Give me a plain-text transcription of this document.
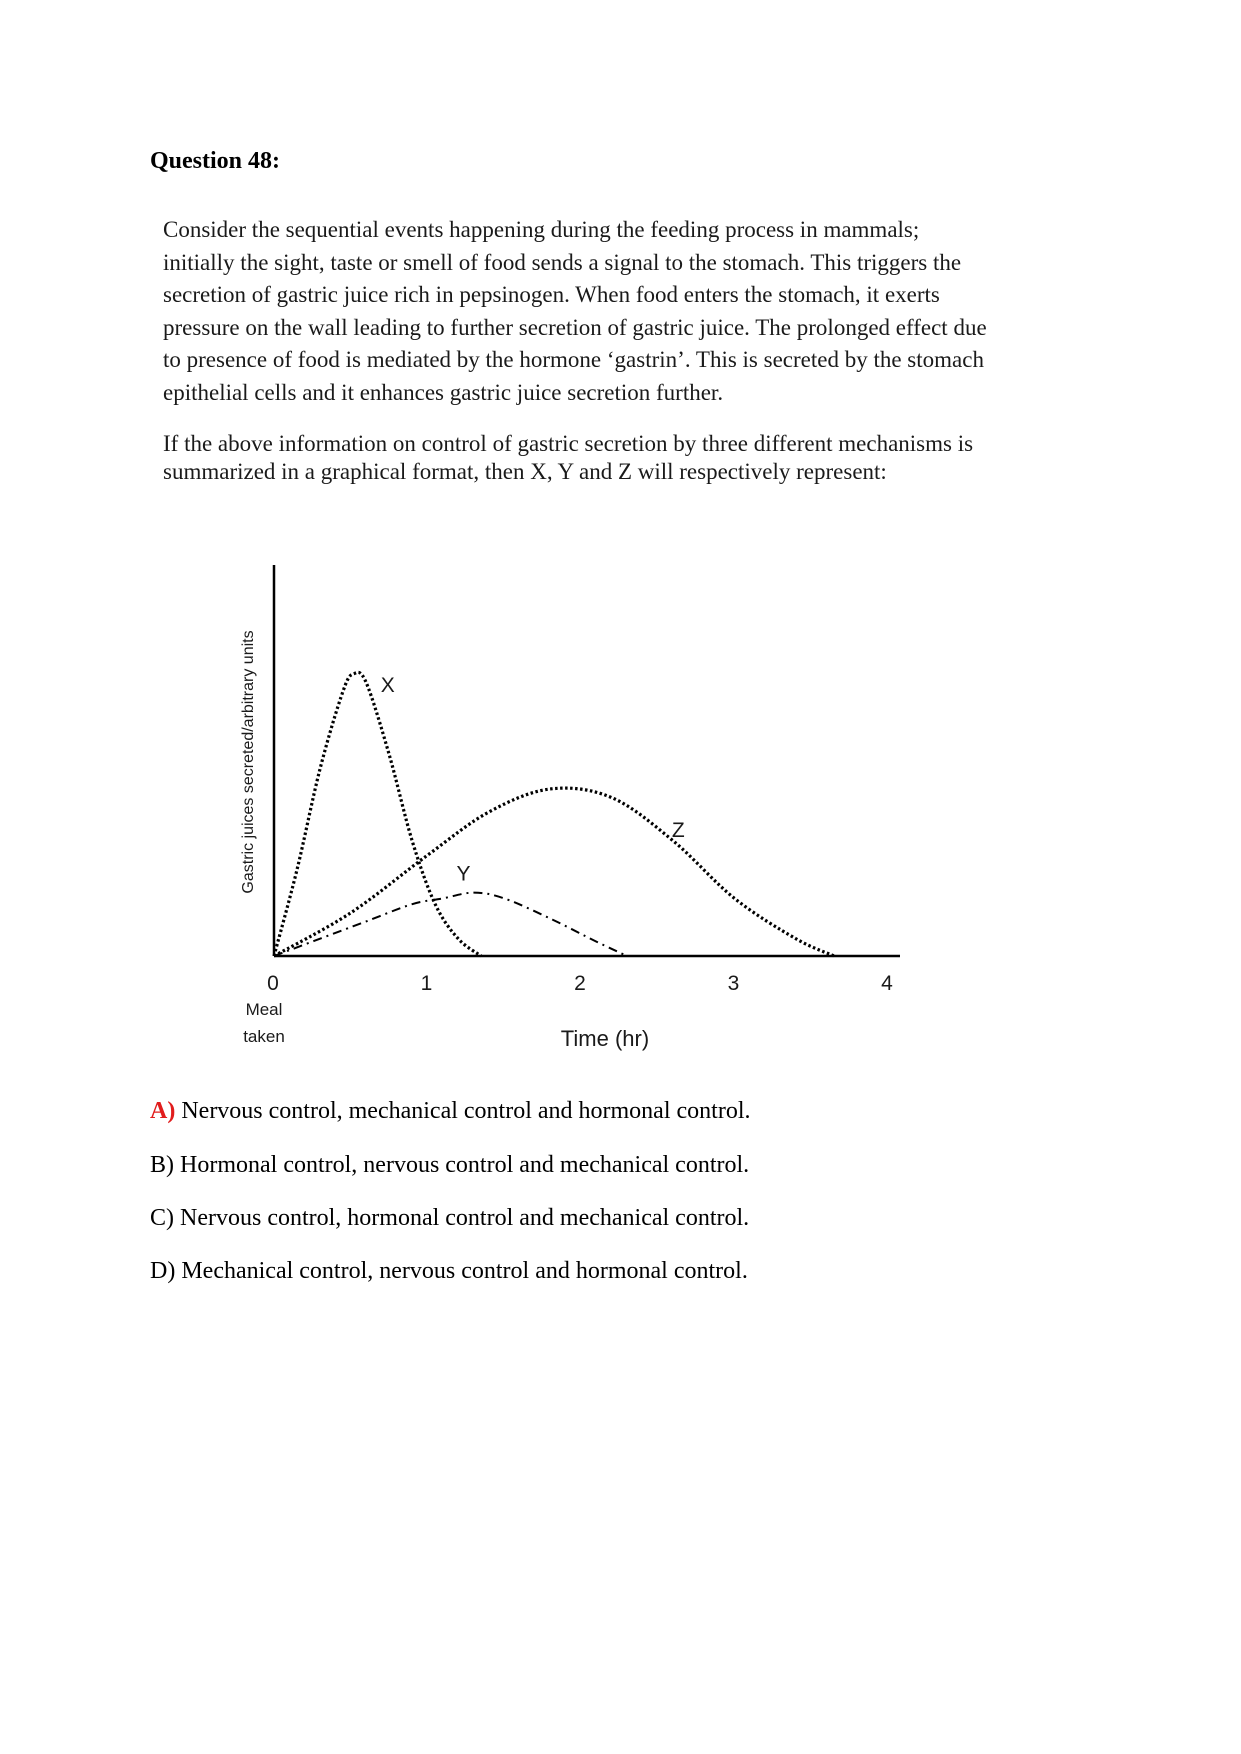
Question 48:
Consider the sequential events happening during the feeding process in mammals;
initially the sight, taste or smell of food sends a signal to the stomach. This triggers the
secretion of gastric juice rich in pepsinogen. When food enters the stomach, it exerts
pressure on the wall leading to further secretion of gastric juice. The prolonged effect due
to presence of food is mediated by the hormone ‘gastrin’. This is secreted by the stomach
epithelial cells and it enhances gastric juice secretion further.
If the above information on control of gastric secretion by three different mechanisms is
summarized in a graphical format, then X, Y and Z will respectively represent:
0	1	2	3	4
Meal
taken	Time (hr)
Gastric juices secreted/arbitrary units	X
Y
Z
A) Nervous control, mechanical control and hormonal control.
B) Hormonal control, nervous control and mechanical control.
C) Nervous control, hormonal control and mechanical control.
D) Mechanical control, nervous control and hormonal control.
